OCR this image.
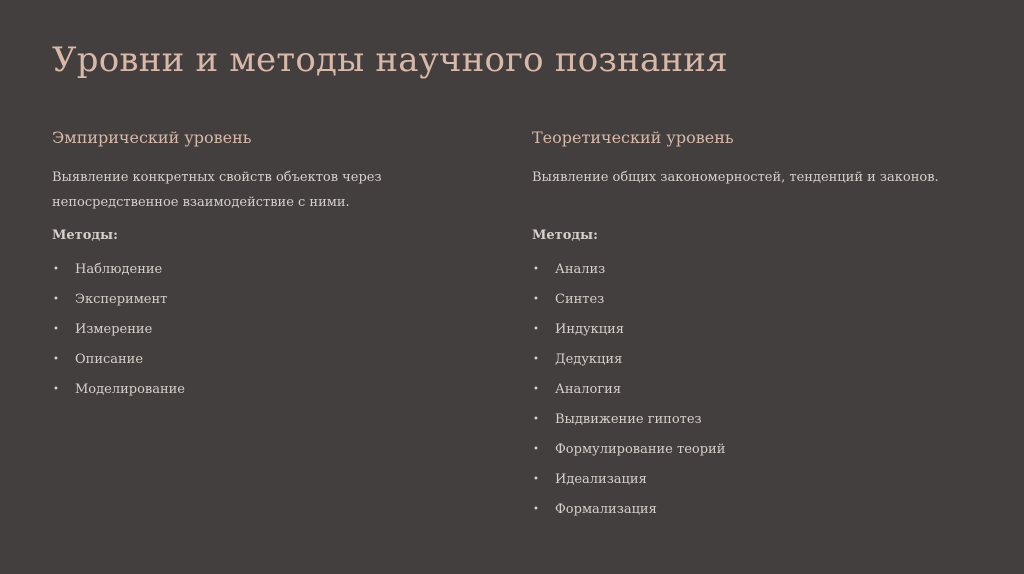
Уровни и методы научного познания
Эмпирический уровень

Выявление конкретных свойств объектов через
непосредственное взаимодействие с ними.

Методы:

• Наблюдение
• Эксперимент
• Измерение
• Описание
• Моделирование
Теоретический уровень

Выявление общих закономерностей, тенденций и законов.

Методы:

• Анализ
• Синтез
• Индукция
• Дедукция
• Аналогия
• Выдвижение гипотез
• Формулирование теорий
• Идеализация
• Формализация
